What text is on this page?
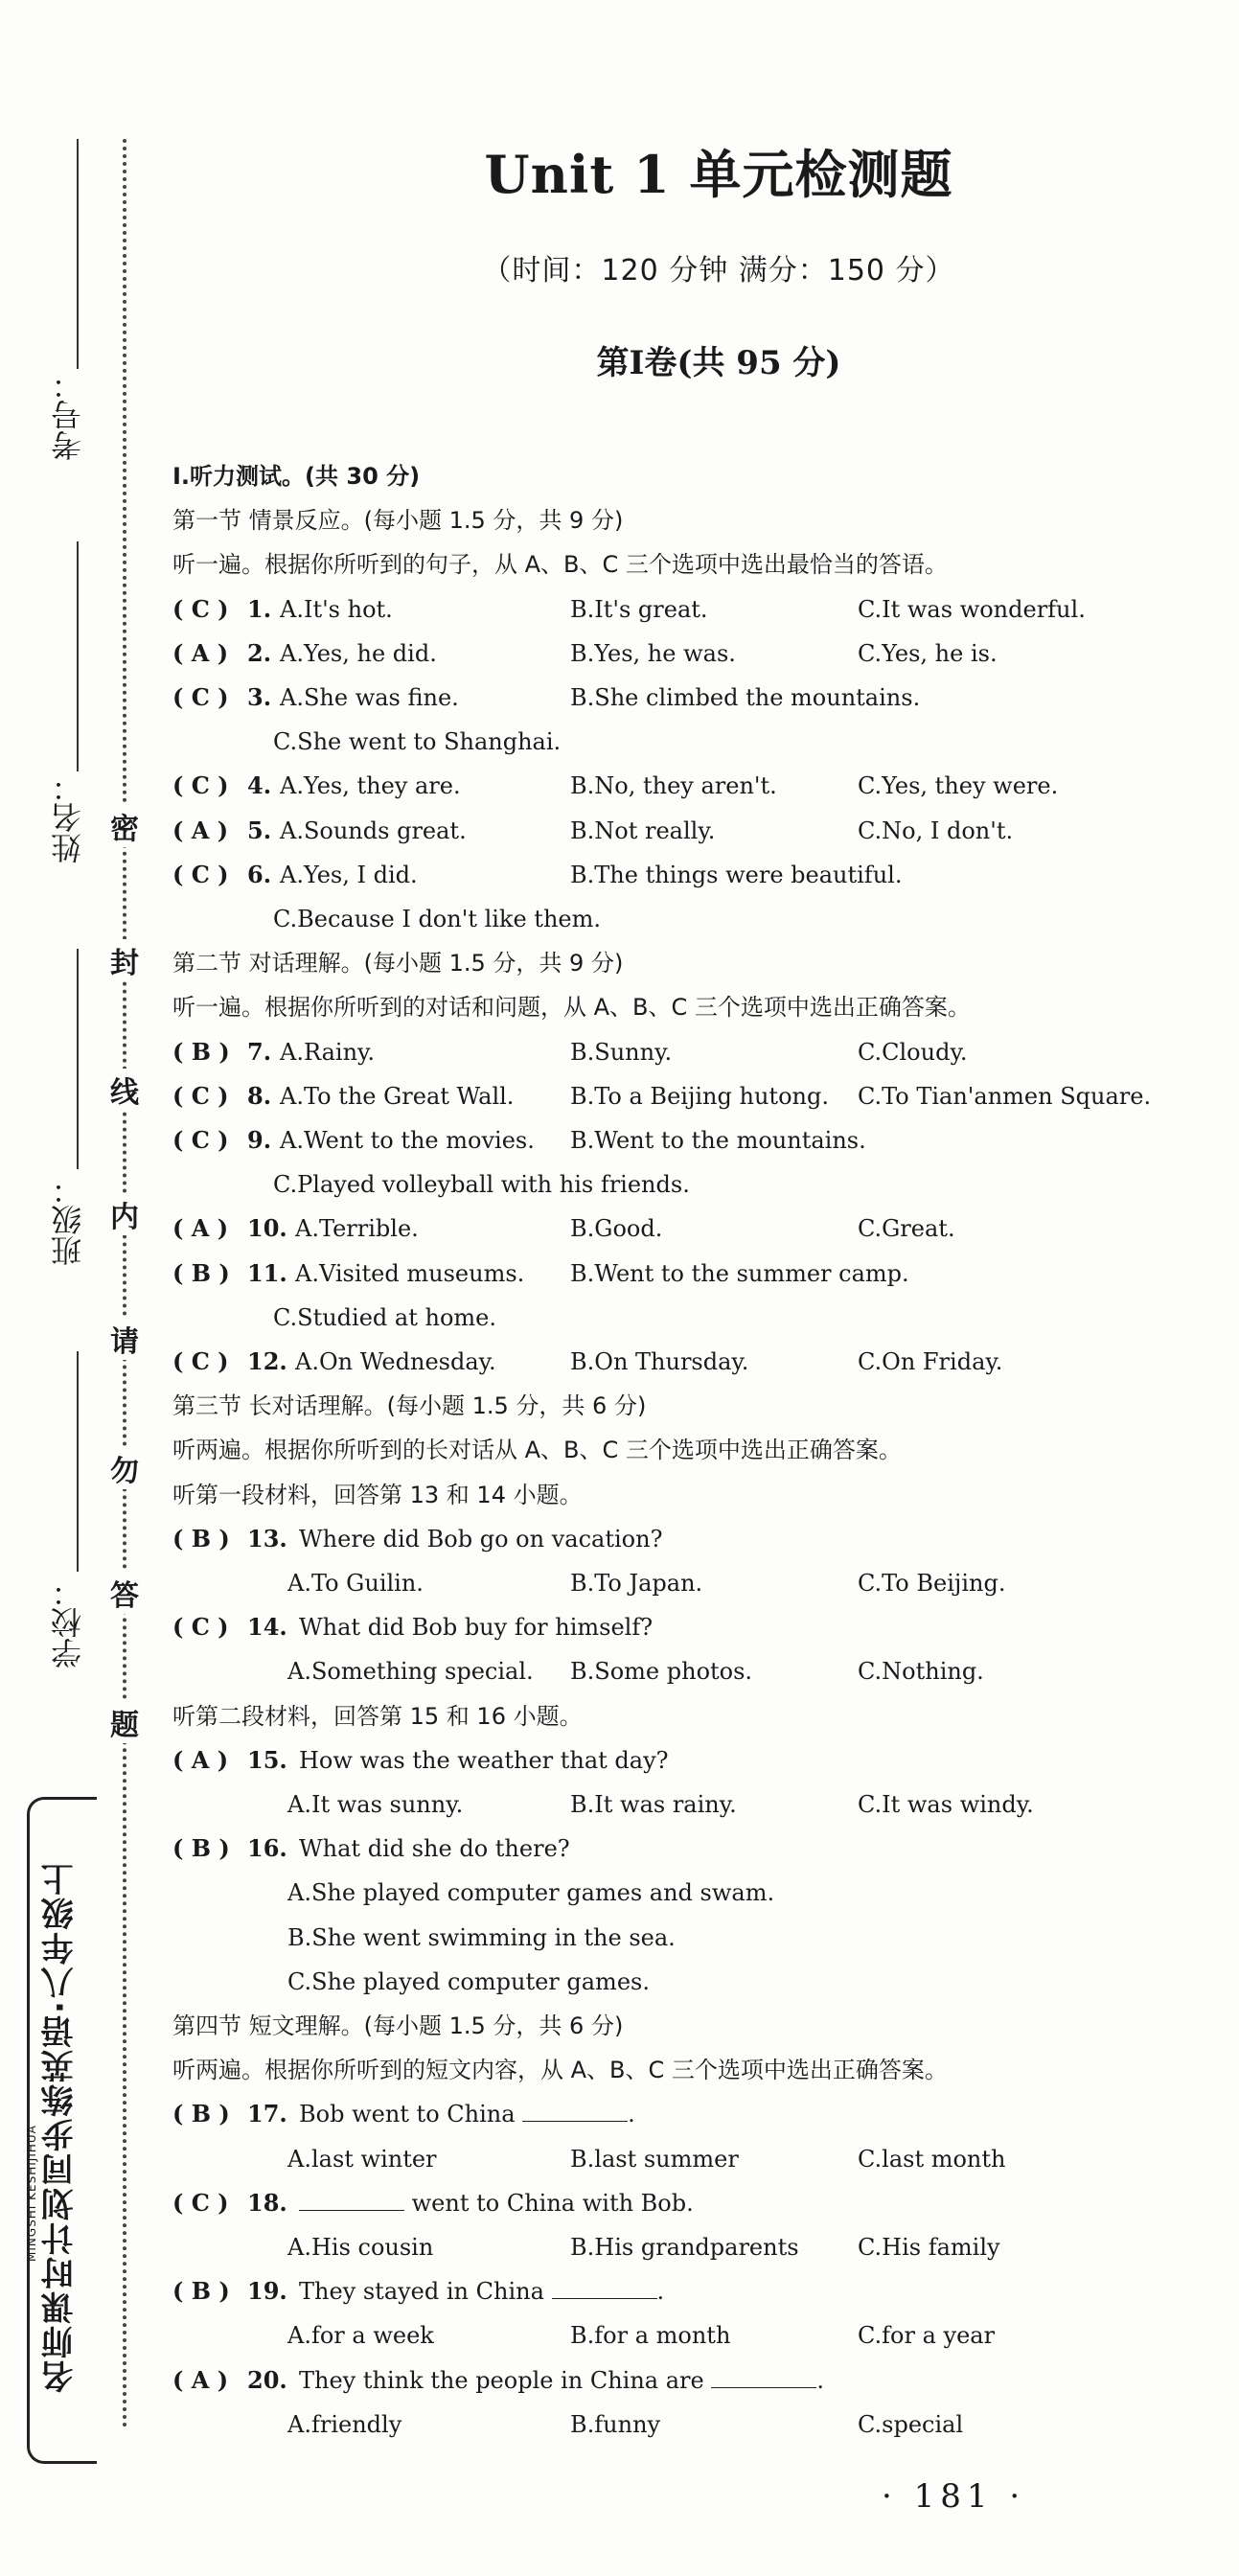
考号：
姓名：
班级：
学校：
密
封
线
内
请
勿
答
题
名师课时计划同步练英语·八年级上
MINGSHI KESHIJIHUA
Unit 1 单元检测题
（时间：120 分钟 满分：150 分）
第Ⅰ卷(共 95 分)
Ⅰ.听力测试。(共 30 分)
第一节 情景反应。(每小题 1.5 分，共 9 分)
听一遍。根据你所听到的句子，从 A、B、C 三个选项中选出最恰当的答语。
( C ) 1. A.It's hot.	B.It's great.	C.It was wonderful.
( A ) 2. A.Yes, he did.	B.Yes, he was.	C.Yes, he is.
( C ) 3. A.She was fine.	B.She climbed the mountains.
C.She went to Shanghai.
( C ) 4. A.Yes, they are.	B.No, they aren't.	C.Yes, they were.
( A ) 5. A.Sounds great.	B.Not really.	C.No, I don't.
( C ) 6. A.Yes, I did.	B.The things were beautiful.
C.Because I don't like them.
第二节 对话理解。(每小题 1.5 分，共 9 分)
听一遍。根据你所听到的对话和问题，从 A、B、C 三个选项中选出正确答案。
( B ) 7. A.Rainy.	B.Sunny.	C.Cloudy.
( C ) 8. A.To the Great Wall. B.To a Beijing hutong. C.To Tian'anmen Square.
( C ) 9. A.Went to the movies. B.Went to the mountains.
C.Played volleyball with his friends.
( A ) 10. A.Terrible.	B.Good.	C.Great.
( B ) 11. A.Visited museums. B.Went to the summer camp.
C.Studied at home.
( C ) 12. A.On Wednesday.	B.On Thursday.	C.On Friday.
第三节 长对话理解。(每小题 1.5 分，共 6 分)
听两遍。根据你所听到的长对话从 A、B、C 三个选项中选出正确答案。
听第一段材料，回答第 13 和 14 小题。
( B ) 13. Where did Bob go on vacation?
A.To Guilin.	B.To Japan.	C.To Beijing.
( C ) 14. What did Bob buy for himself?
A.Something special. B.Some photos.	C.Nothing.
听第二段材料，回答第 15 和 16 小题。
( A ) 15. How was the weather that day?
A.It was sunny.	B.It was rainy.	C.It was windy.
( B ) 16. What did she do there?
A.She played computer games and swam.
B.She went swimming in the sea.
C.She played computer games.
第四节 短文理解。(每小题 1.5 分，共 6 分)
听两遍。根据你所听到的短文内容，从 A、B、C 三个选项中选出正确答案。
( B ) 17. Bob went to China	.
A.last winter	B.last summer	C.last month
( C ) 18.	went to China with Bob.
A.His cousin	B.His grandparents	C.His family
( B ) 19. They stayed in China	.
A.for a week	B.for a month	C.for a year
( A ) 20. They think the people in China are	.
A.friendly	B.funny	C.special
· 181 ·
